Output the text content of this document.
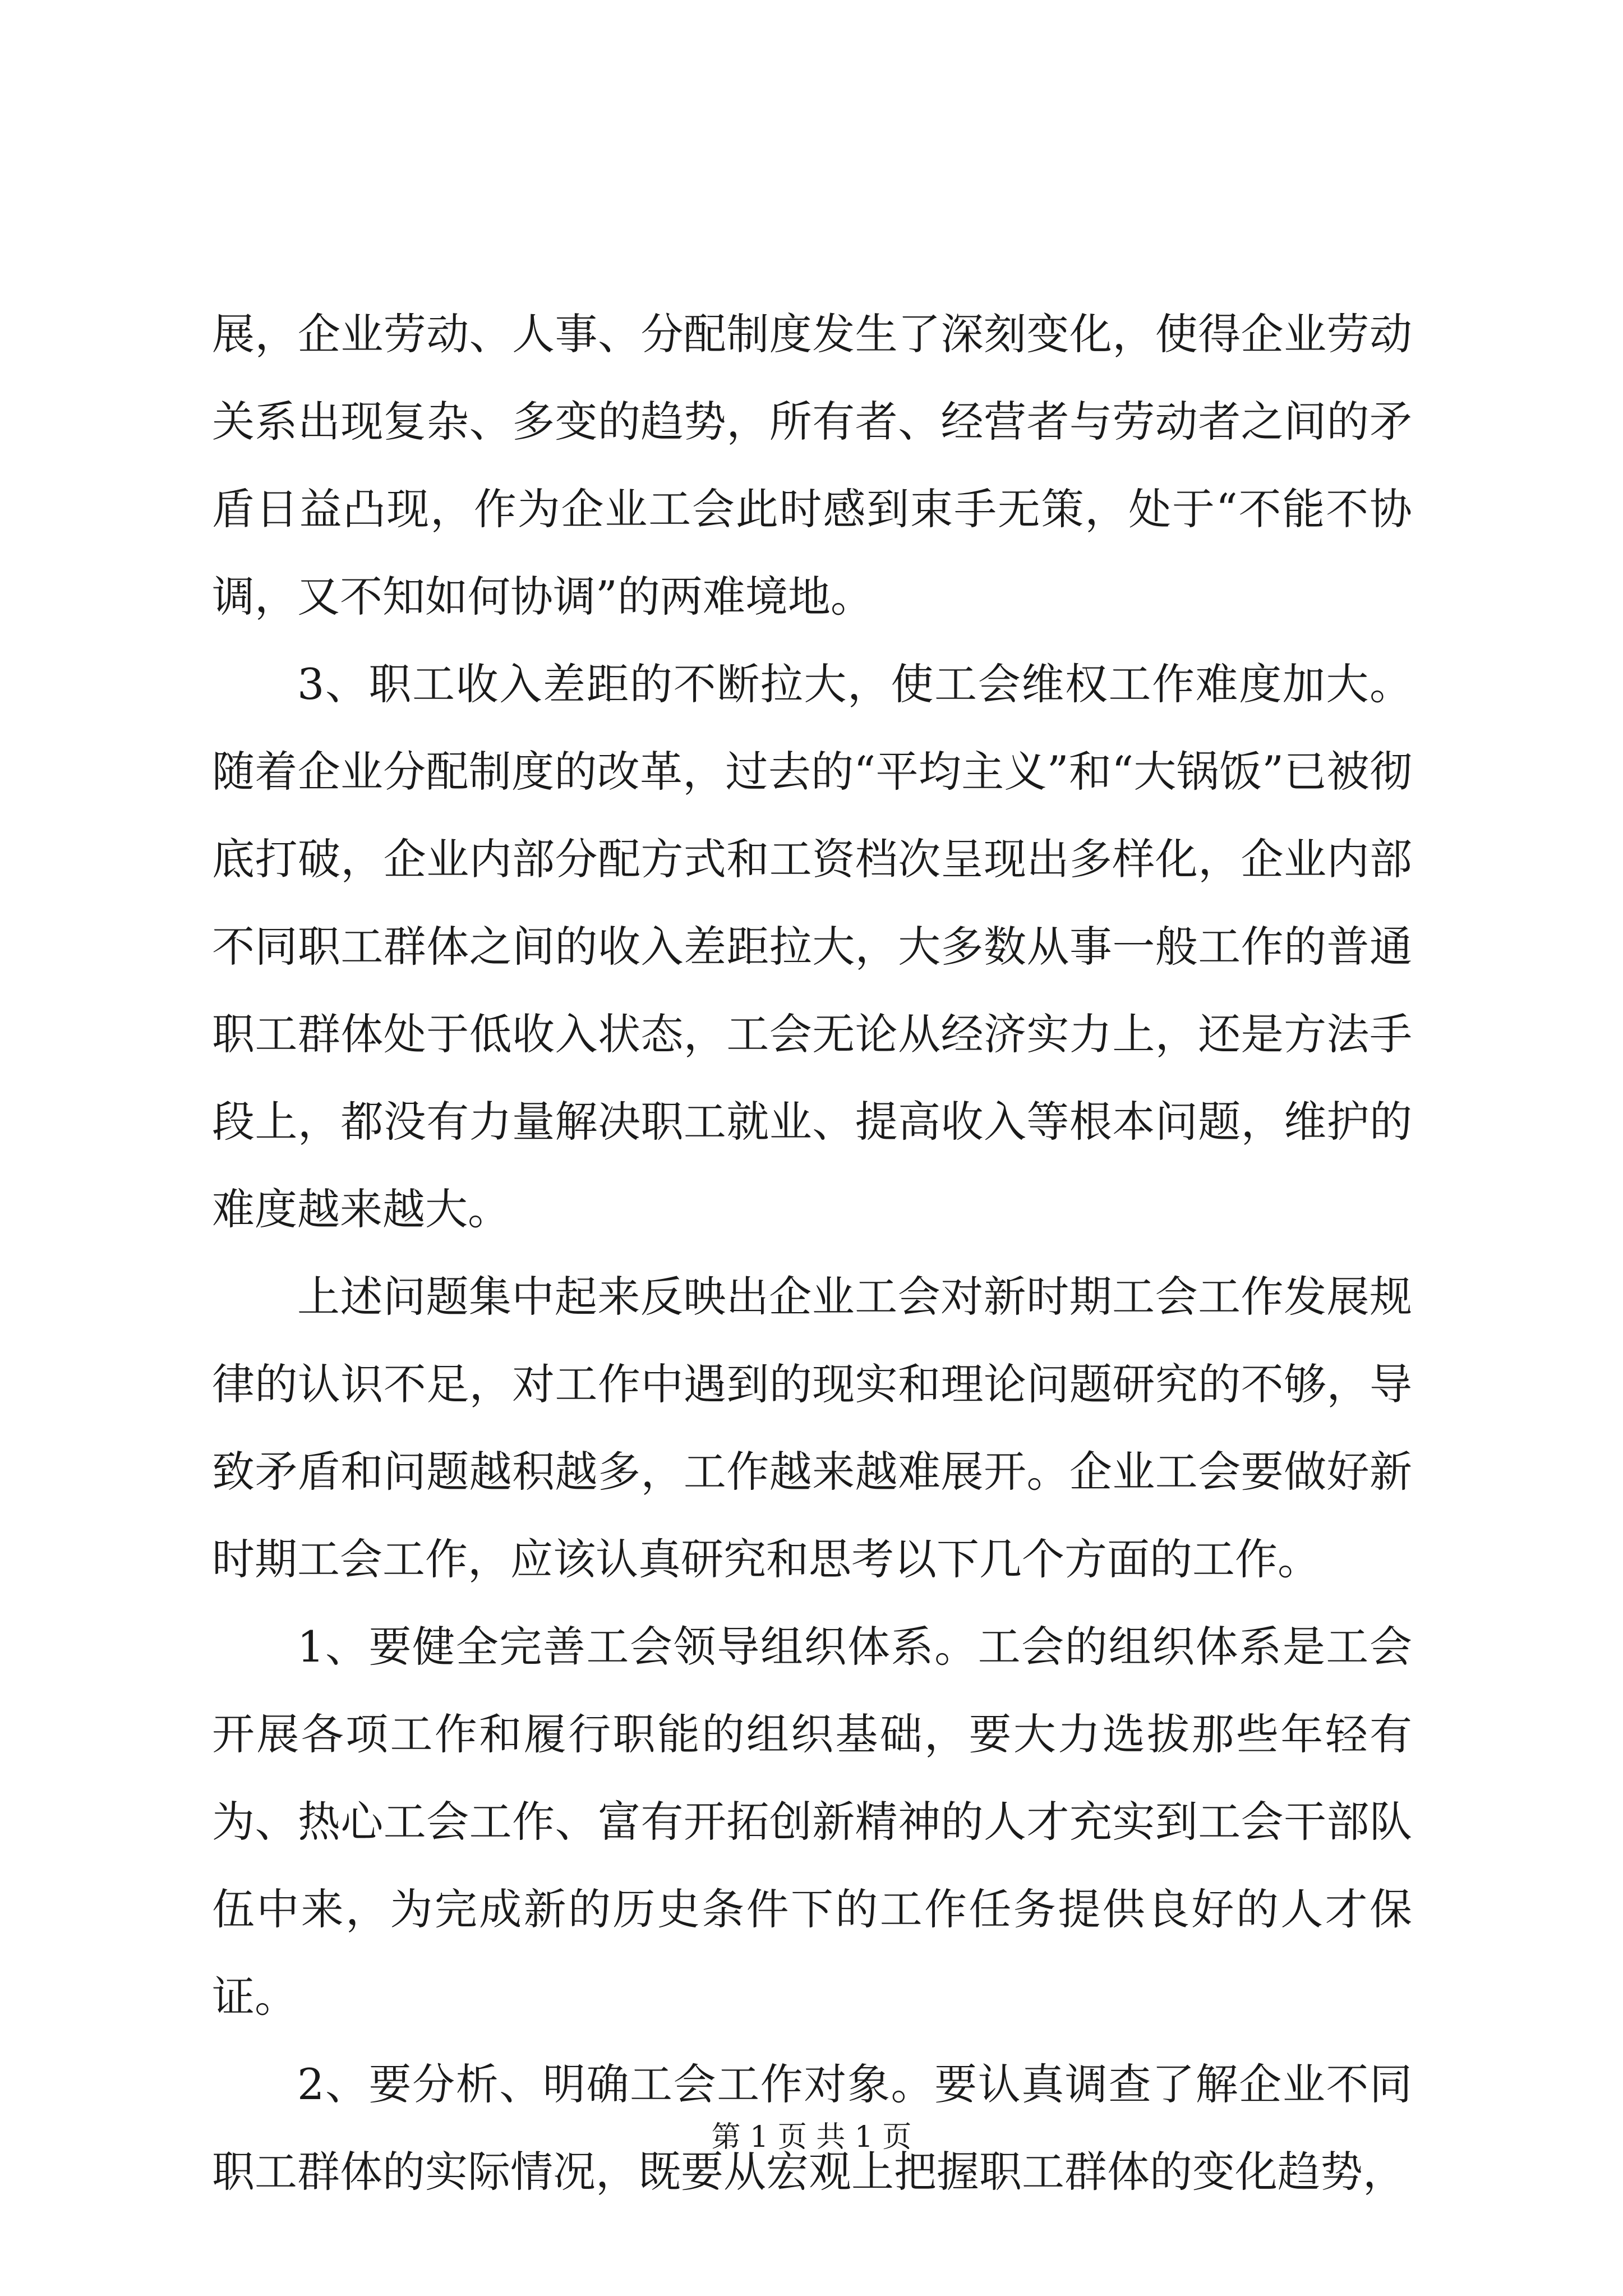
展，企业劳动、人事、分配制度发生了深刻变化，使得企业劳动关系出现复杂、多变的趋势，所有者、经营者与劳动者之间的矛盾日益凸现，作为企业工会此时感到束手无策，处于“不能不协调，又不知如何协调”的两难境地。

3、职工收入差距的不断拉大，使工会维权工作难度加大。随着企业分配制度的改革，过去的“平均主义”和“大锅饭”已被彻底打破，企业内部分配方式和工资档次呈现出多样化，企业内部不同职工群体之间的收入差距拉大，大多数从事一般工作的普通职工群体处于低收入状态，工会无论从经济实力上，还是方法手段上，都没有力量解决职工就业、提高收入等根本问题，维护的难度越来越大。

上述问题集中起来反映出企业工会对新时期工会工作发展规律的认识不足，对工作中遇到的现实和理论问题研究的不够，导致矛盾和问题越积越多，工作越来越难展开。企业工会要做好新时期工会工作，应该认真研究和思考以下几个方面的工作。

1、要健全完善工会领导组织体系。工会的组织体系是工会开展各项工作和履行职能的组织基础，要大力选拔那些年轻有为、热心工会工作、富有开拓创新精神的人才充实到工会干部队伍中来，为完成新的历史条件下的工作任务提供良好的人才保证。

2、要分析、明确工会工作对象。要认真调查了解企业不同职工群体的实际情况，既要从宏观上把握职工群体的变化趋势，

第 1 页 共 1 页
